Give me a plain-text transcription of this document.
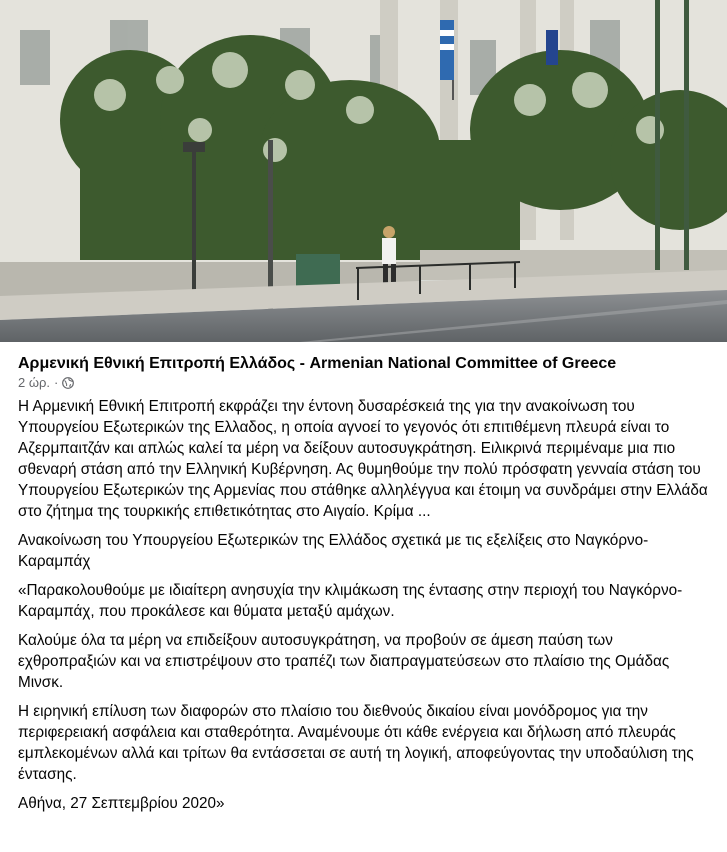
Αρμενική Εθνική Επιτροπή Ελλάδος - Armenian National Committee of Greece
2 ώρ. ·

Η Αρμενική Εθνική Επιτροπή εκφράζει την έντονη δυσαρέσκειά της για την ανακοίνωση του Υπουργείου Εξωτερικών της Ελλαδος, η οποία αγνοεί το γεγονός ότι επιτιθέμενη πλευρά είναι το Αζερμπαιτζάν και απλώς καλεί τα μέρη να δείξουν αυτοσυγκράτηση. Ειλικρινά περιμέναμε μια πιο σθεναρή στάση από την Ελληνική Κυβέρνηση. Ας θυμηθούμε την πολύ πρόσφατη γενναία στάση του Υπουργείου Εξωτερικών της Αρμενίας που στάθηκε αλληλέγγυα και έτοιμη να συνδράμει στην Ελλάδα στο ζήτημα της τουρκικής επιθετικότητας στο Αιγαίο. Κρίμα ...

Ανακοίνωση του Υπουργείου Εξωτερικών της Ελλάδος σχετικά με τις εξελίξεις στο Ναγκόρνο-Καραμπάχ

«Παρακολουθούμε με ιδιαίτερη ανησυχία την κλιμάκωση της έντασης στην περιοχή του Ναγκόρνο-Καραμπάχ, που προκάλεσε και θύματα μεταξύ αμάχων.

Καλούμε όλα τα μέρη να επιδείξουν αυτοσυγκράτηση, να προβούν σε άμεση παύση των εχθροπραξιών και να επιστρέψουν στο τραπέζι των διαπραγματεύσεων στο πλαίσιο της Ομάδας Μινσκ.

Η ειρηνική επίλυση των διαφορών στο πλαίσιο του διεθνούς δικαίου είναι μονόδρομος για την περιφερειακή ασφάλεια και σταθερότητα. Αναμένουμε ότι κάθε ενέργεια και δήλωση από πλευράς εμπλεκομένων αλλά και τρίτων θα εντάσσεται σε αυτή τη λογική, αποφεύγοντας την υποδαύλιση της έντασης.

Αθήνα, 27 Σεπτεμβρίου 2020»
